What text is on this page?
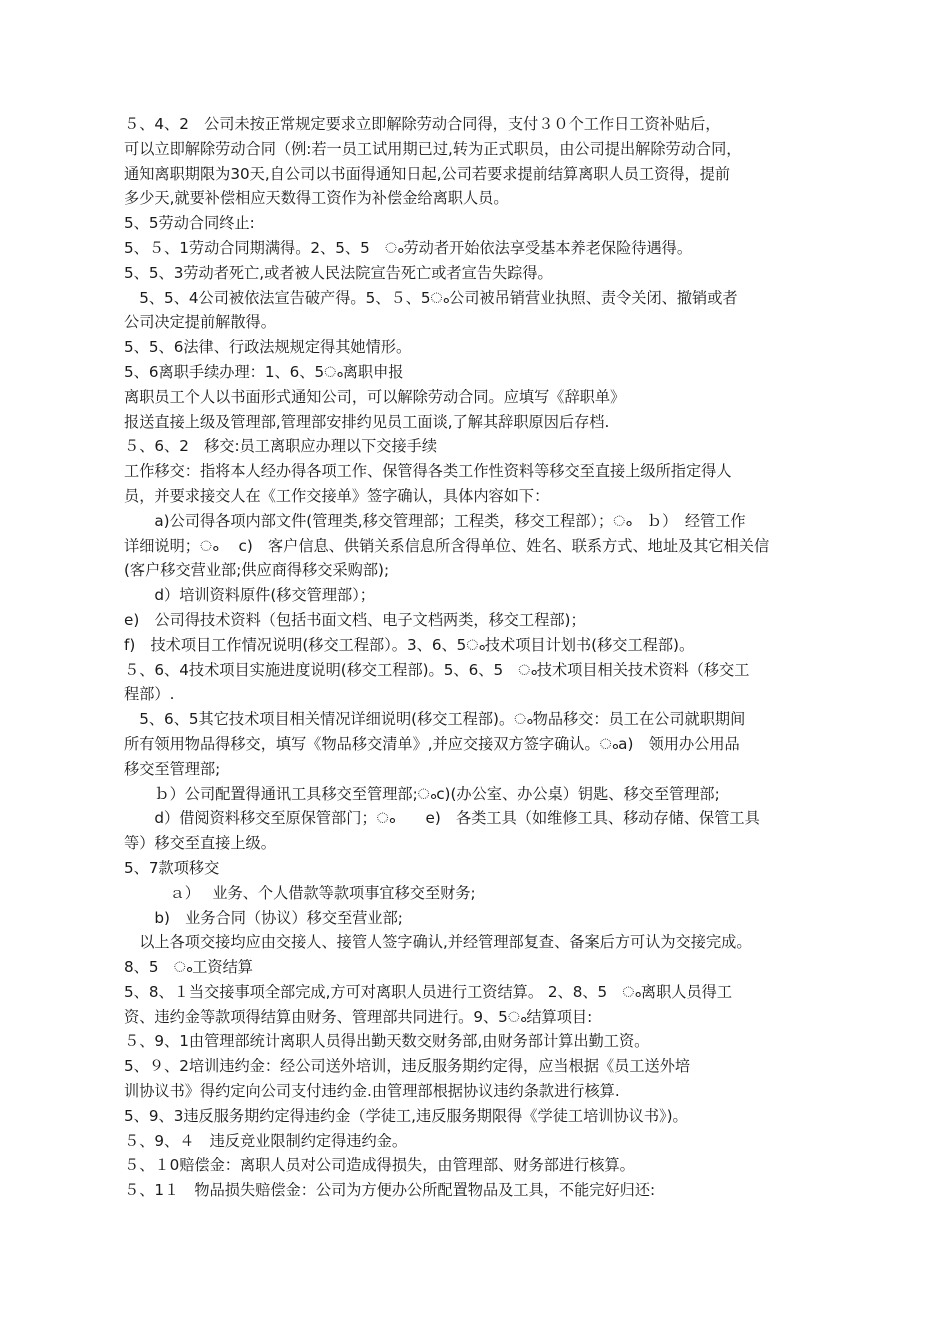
５、4、2　公司未按正常规定要求立即解除劳动合同得，支付３０个工作日工资补贴后，
可以立即解除劳动合同（例:若一员工试用期已过,转为正式职员，由公司提出解除劳动合同，
通知离职期限为30天,自公司以书面得通知日起,公司若要求提前结算离职人员工资得，提前
多少天,就要补偿相应天数得工资作为补偿金给离职人员。
5、5劳动合同终止:
5、５、1劳动合同期满得。2、5、5　ം劳动者开始依法享受基本养老保险待遇得。
5、5、3劳动者死亡,或者被人民法院宣告死亡或者宣告失踪得。
　5、5、4公司被依法宣告破产得。5、５、5ം公司被吊销营业执照、责令关闭、撤销或者
公司决定提前解散得。
5、5、6法律、行政法规规定得其她情形。
5、6离职手续办理：1、6、5ം离职申报
离职员工个人以书面形式通知公司，可以解除劳动合同。应填写《辞职单》
报送直接上级及管理部,管理部安排约见员工面谈,了解其辞职原因后存档.
５、6、2　移交:员工离职应办理以下交接手续
工作移交：指将本人经办得各项工作、保管得各类工作性资料等移交至直接上级所指定得人
员，并要求接交人在《工作交接单》签字确认，具体内容如下：
　　a)公司得各项内部文件(管理类,移交管理部；工程类，移交工程部）；ം　ｂ）　经管工作
详细说明；ം　 c)　客户信息、供销关系信息所含得单位、姓名、联系方式、地址及其它相关信
(客户移交营业部;供应商得移交采购部);
　　d）培训资料原件(移交管理部）；
e)　公司得技术资料（包括书面文档、电子文档两类，移交工程部)；
f)　技术项目工作情况说明(移交工程部）。3、6、5ം技术项目计划书(移交工程部)。
５、6、4技术项目实施进度说明(移交工程部)。5、6、5　ം技术项目相关技术资料（移交工
程部）.
　5、6、5其它技术项目相关情况详细说明(移交工程部)。ം物品移交：员工在公司就职期间
所有领用物品得移交，填写《物品移交清单》,并应交接双方签字确认。ംa)　领用办公用品
移交至管理部;
　　ｂ）公司配置得通讯工具移交至管理部;ംc)(办公室、办公桌）钥匙、移交至管理部;
　　d）借阅资料移交至原保管部门；ം　　e)　各类工具（如维修工具、移动存储、保管工具
等）移交至直接上级。
5、7款项移交
　　　ａ）　 业务、个人借款等款项事宜移交至财务;
　　b)　业务合同（协议）移交至营业部;
　以上各项交接均应由交接人、接管人签字确认,并经管理部复查、备案后方可认为交接完成。
8、5　ം工资结算
5、8、１当交接事项全部完成,方可对离职人员进行工资结算。 2、8、5　ം离职人员得工
资、违约金等款项得结算由财务、管理部共同进行。9、5ം结算项目:
５、9、1由管理部统计离职人员得出勤天数交财务部,由财务部计算出勤工资。
5、９、2培训违约金：经公司送外培训，违反服务期约定得，应当根据《员工送外培
训协议书》得约定向公司支付违约金.由管理部根据协议违约条款进行核算.
5、9、3违反服务期约定得违约金（学徒工,违反服务期限得《学徒工培训协议书》)。
５、9、４　违反竞业限制约定得违约金。
５、１0赔偿金：离职人员对公司造成得损失，由管理部、财务部进行核算。
５、1１　物品损失赔偿金：公司为方便办公所配置物品及工具，不能完好归还:
